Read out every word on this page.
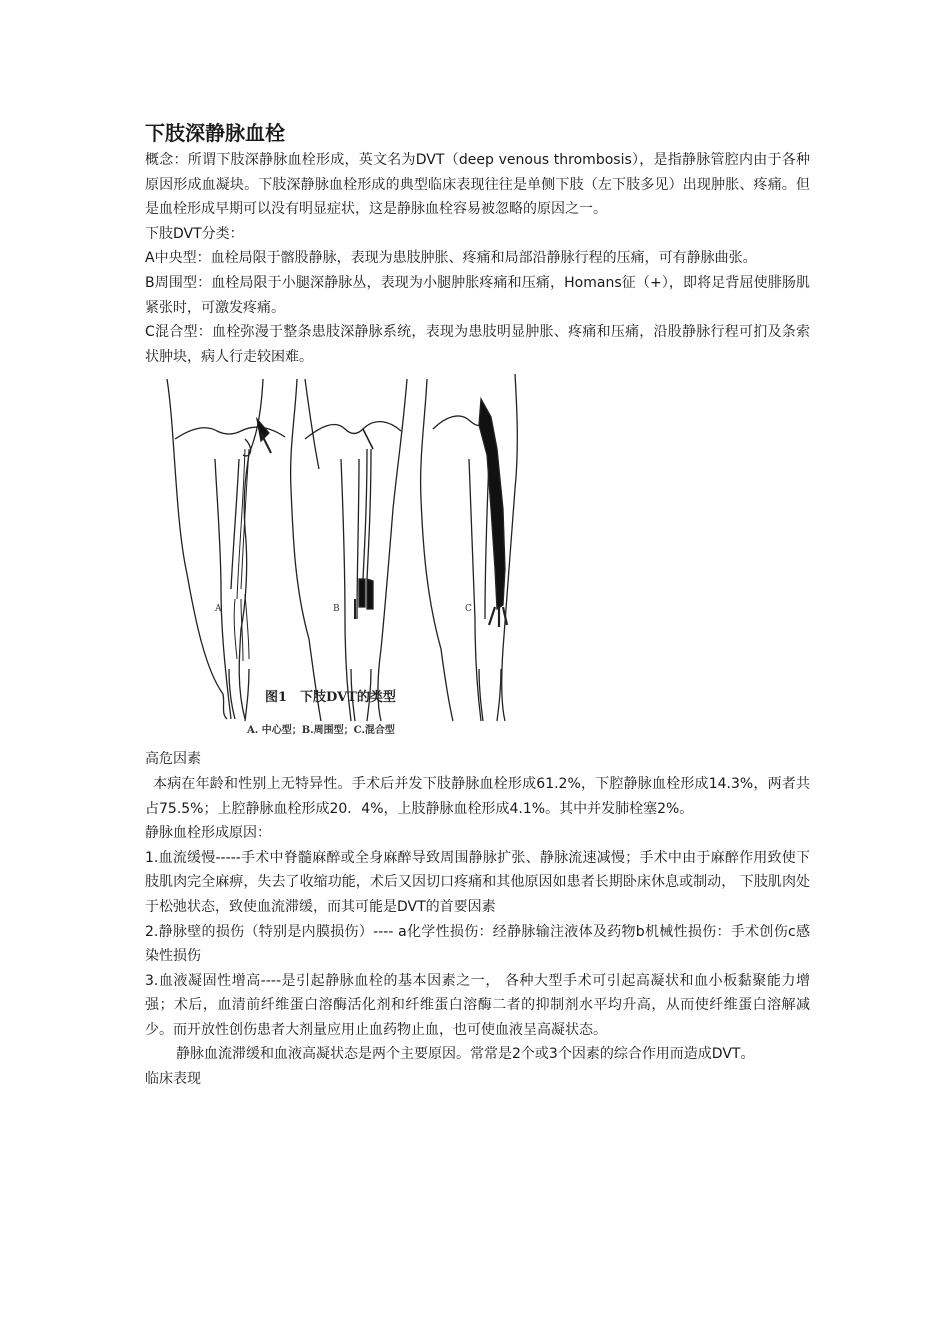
下肢深静脉血栓

概念：所谓下肢深静脉血栓形成，英文名为DVT（deep venous thrombosis），是指静脉管腔内由于各种原因形成血凝块。下肢深静脉血栓形成的典型临床表现往往是单侧下肢（左下肢多见）出现肿胀、疼痛。但是血栓形成早期可以没有明显症状，这是静脉血栓容易被忽略的原因之一。

下肢DVT分类：

A中央型：血栓局限于髂股静脉，表现为患肢肿胀、疼痛和局部沿静脉行程的压痛，可有静脉曲张。

B周围型：血栓局限于小腿深静脉丛，表现为小腿肿胀疼痛和压痛，Homans征（+），即将足背屈使腓肠肌紧张时，可激发疼痛。

C混合型：血栓弥漫于整条患肢深静脉系统，表现为患肢明显肿胀、疼痛和压痛，沿股静脉行程可扪及条索状肿块，病人行走较困难。

A	B	C
图1　下肢DVT的类型
A. 中心型；B.周围型；C.混合型

高危因素

本病在年龄和性别上无特异性。手术后并发下肢静脉血栓形成61.2%，下腔静脉血栓形成14.3%，两者共占75.5%；上腔静脉血栓形成20．4%，上肢静脉血栓形成4.1%。其中并发肺栓塞2%。

静脉血栓形成原因：

1.血流缓慢-----手术中脊髓麻醉或全身麻醉导致周围静脉扩张、静脉流速减慢；手术中由于麻醉作用致使下肢肌肉完全麻痹，失去了收缩功能，术后又因切口疼痛和其他原因如患者长期卧床休息或制动， 下肢肌肉处于松弛状态，致使血流滞缓，而其可能是DVT的首要因素

2.静脉壁的损伤（特别是内膜损伤）---- a化学性损伤：经静脉输注液体及药物b机械性损伤：手术创伤c感染性损伤

3.血液凝固性增高----是引起静脉血栓的基本因素之一， 各种大型手术可引起高凝状和血小板黏聚能力增强；术后，血清前纤维蛋白溶酶活化剂和纤维蛋白溶酶二者的抑制剂水平均升高，从而使纤维蛋白溶解减少。而开放性创伤患者大剂量应用止血药物止血，也可使血液呈高凝状态。

静脉血流滞缓和血液高凝状态是两个主要原因。常常是2个或3个因素的综合作用而造成DVT。

临床表现
